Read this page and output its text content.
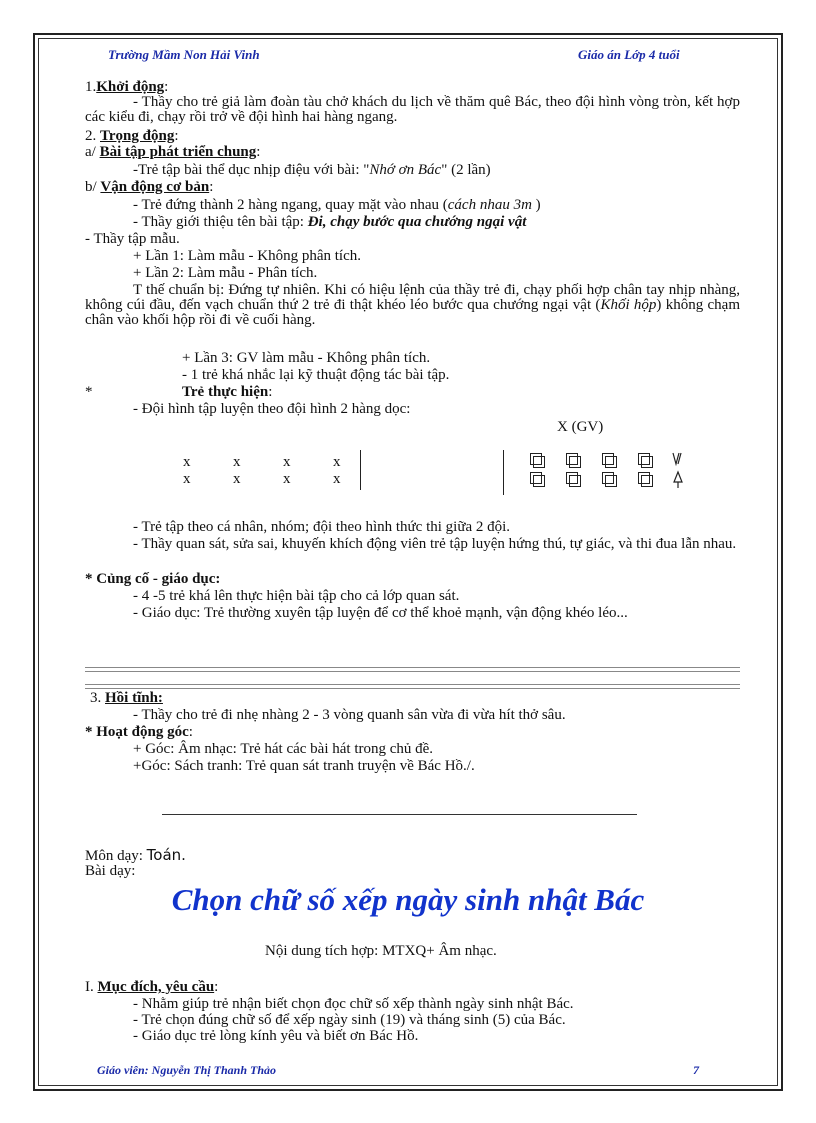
Trường Mầm Non Hải Vinh	Giáo án Lớp 4 tuổi
1.Khởi động:
- Thầy cho trẻ giả làm đoàn tàu chở khách du lịch về thăm quê Bác, theo đội hình vòng tròn, kết hợp các kiểu đi, chạy rồi trở về đội hình hai hàng ngang.
2. Trọng động:
a/ Bài tập phát triển chung:
-Trẻ tập bài thể dục nhịp điệu với bài: "Nhớ ơn Bác" (2 lần)
b/ Vận động cơ bản:
- Trẻ đứng thành 2 hàng ngang, quay mặt vào nhau (cách nhau 3m )
- Thầy giới thiệu tên bài tập: Đi, chạy bước qua chướng ngại vật
- Thầy tập mẫu.
+ Lần 1: Làm mẫu - Không phân tích.
+ Lần 2: Làm mẫu - Phân tích.
T thế chuẩn bị: Đứng tự nhiên. Khi có hiệu lệnh của thầy trẻ đi, chạy phối hợp chân tay nhịp nhàng, không cúi đầu, đến vạch chuẩn thứ 2 trẻ đi thật khéo léo bước qua chướng ngại vật (Khối hộp) không chạm chân vào khối hộp rồi đi về cuối hàng.
+ Lần 3: GV làm mẫu - Không phân tích.
- 1 trẻ khá nhắc lại kỹ thuật động tác bài tập.
*	Trẻ thực hiện:
- Đội hình tập luyện theo đội hình 2 hàng dọc:
X (GV)
x	x	x	x
x	x	x	x
- Trẻ tập theo cá nhân, nhóm; đội theo hình thức thi giữa 2 đội.
- Thầy quan sát, sửa sai, khuyến khích động viên trẻ tập luyện hứng thú, tự giác, và thi đua lẫn nhau.
* Củng cố - giáo dục:
- 4 -5 trẻ khá lên thực hiện bài tập cho cả lớp quan sát.
- Giáo dục: Trẻ thường xuyên tập luyện để cơ thể khoẻ mạnh, vận động khéo léo...
3. Hồi tĩnh:
- Thầy cho trẻ đi nhẹ nhàng 2 - 3 vòng quanh sân vừa đi vừa hít thở sâu.
* Hoạt động góc:
+ Góc: Âm nhạc: Trẻ hát các bài hát trong chủ đề.
+Góc: Sách tranh: Trẻ quan sát tranh truyện về Bác Hồ./.
Môn dạy: Toán.
Bài dạy:
Chọn chữ số xếp ngày sinh nhật Bác
Nội dung tích hợp: MTXQ+ Âm nhạc.
I. Mục đích, yêu cầu:
- Nhằm giúp trẻ nhận biết chọn đọc chữ số xếp thành ngày sinh nhật Bác.
- Trẻ chọn đúng chữ số để xếp ngày sinh (19) và tháng sinh (5) của Bác.
- Giáo dục trẻ lòng kính yêu và biết ơn Bác Hồ.
Giáo viên: Nguyễn Thị Thanh Thảo	7
